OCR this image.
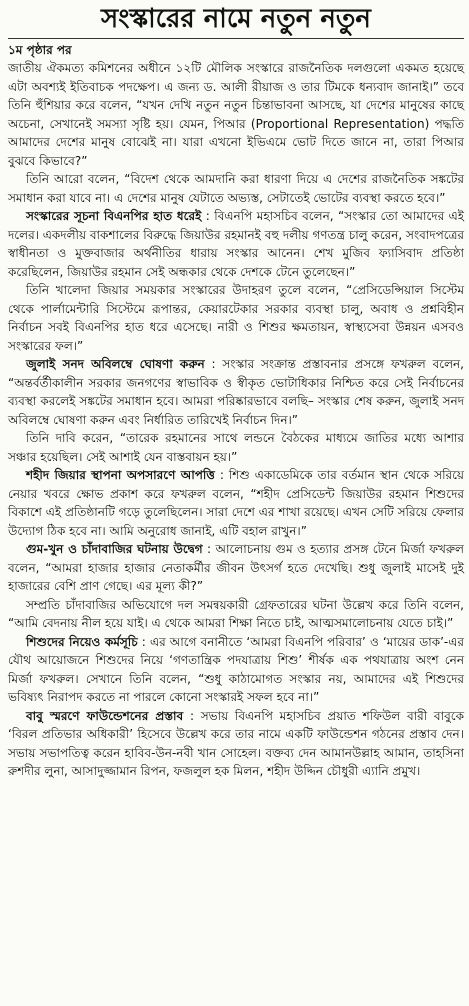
সংস্কারের নামে নতুন নতুন

১ম পৃষ্ঠার পর

জাতীয় ঐকমত্য কমিশনের অধীনে ১২টি মৌলিক সংস্কারে রাজনৈতিক দলগুলো একমত হয়েছে এটা অবশ্যই ইতিবাচক পদক্ষেপ। এ জন্য ড. আলী রীয়াজ ও তার টিমকে ধন্যবাদ জানাই।” তবে তিনি হুঁশিয়ার করে বলেন, “যখন দেখি নতুন নতুন চিন্তাভাবনা আসছে, যা দেশের মানুষের কাছে অচেনা, সেখানেই সমস্যা সৃষ্টি হয়। যেমন, পিআর (Proportional Representation) পদ্ধতি আমাদের দেশের মানুষ বোঝেই না। যারা এখনো ইভিএমে ভোট দিতে জানে না, তারা পিআর বুঝবে কিভাবে?”

তিনি আরো বলেন, “বিদেশ থেকে আমদানি করা ধারণা দিয়ে এ দেশের রাজনৈতিক সঙ্কটের সমাধান করা যাবে না। এ দেশের মানুষ যেটাতে অভ্যস্ত, সেটাতেই ভোটের ব্যবস্থা করতে হবে।”

সংস্কারের সূচনা বিএনপির হাত ধরেই : বিএনপি মহাসচিব বলেন, “সংস্কার তো আমাদের এই দলের। একদলীয় বাকশালের বিরুদ্ধে জিয়াউর রহমানই বহু দলীয় গণতন্ত্র চালু করেন, সংবাদপত্রের স্বাধীনতা ও মুক্তবাজার অর্থনীতির ধারায় সংস্কার আনেন। শেখ মুজিব ফ্যাসিবাদ প্রতিষ্ঠা করেছিলেন, জিয়াউর রহমান সেই অন্ধকার থেকে দেশকে টেনে তুলেছেন।”

তিনি খালেদা জিয়ার সময়কার সংস্কারের উদাহরণ তুলে বলেন, “প্রেসিডেন্সিয়াল সিস্টেম থেকে পার্লামেন্টারি সিস্টেমে রূপান্তর, কেয়ারটেকার সরকার ব্যবস্থা চালু, অবাধ ও প্রশ্নবিহীন নির্বাচন সবই বিএনপির হাত ধরে এসেছে। নারী ও শিশুর ক্ষমতায়ন, স্বাস্থ্যসেবা উন্নয়ন এসবও সংস্কারের ফল।”

জুলাই সনদ অবিলম্বে ঘোষণা করুন : সংস্কার সংক্রান্ত প্রস্তাবনার প্রসঙ্গে ফখরুল বলেন, “অন্তর্বর্তীকালীন সরকার জনগণের স্বাভাবিক ও স্বীকৃত ভোটাধিকার নিশ্চিত করে সেই নির্বাচনের ব্যবস্থা করলেই সঙ্কটের সমাধান হবে। আমরা পরিষ্কারভাবে বলছি– সংস্কার শেষ করুন, জুলাই সনদ অবিলম্বে ঘোষণা করুন এবং নির্ধারিত তারিখেই নির্বাচন দিন।”

তিনি দাবি করেন, “তারেক রহমানের সাথে লন্ডনে বৈঠকের মাধ্যমে জাতির মধ্যে আশার সঞ্চার হয়েছিল। সেই আশাই যেন বাস্তবায়ন হয়।”

শহীদ জিয়ার স্থাপনা অপসারণে আপত্তি : শিশু একাডেমিকে তার বর্তমান স্থান থেকে সরিয়ে নেয়ার খবরে ক্ষোভ প্রকাশ করে ফখরুল বলেন, “শহীদ প্রেসিডেন্ট জিয়াউর রহমান শিশুদের বিকাশে এই প্রতিষ্ঠানটি গড়ে তুলেছিলেন। সারা দেশে এর শাখা রয়েছে। এখন সেটি সরিয়ে ফেলার উদ্যোগ ঠিক হবে না। আমি অনুরোধ জানাই, এটি বহাল রাখুন।”

গুম-খুন ও চাঁদাবাজির ঘটনায় উদ্বেগ : আলোচনায় গুম ও হত্যার প্রসঙ্গ টেনে মির্জা ফখরুল বলেন, “আমরা হাজার হাজার নেতাকর্মীর জীবন উৎসর্গ হতে দেখেছি। শুধু জুলাই মাসেই দুই হাজারের বেশি প্রাণ গেছে। এর মূল্য কী?”

সম্প্রতি চাঁদাবাজির অভিযোগে দল সমন্বয়কারী গ্রেফতারের ঘটনা উল্লেখ করে তিনি বলেন, “আমি বেদনায় নীল হয়ে যাই। এ থেকে আমরা শিক্ষা নিতে চাই, আত্মসমালোচনায় যেতে চাই।”

শিশুদের নিয়েও কর্মসূচি : এর আগে বনানীতে ‘আমরা বিএনপি পরিবার’ ও ‘মায়ের ডাক’-এর যৌথ আয়োজনে শিশুদের নিয়ে ‘গণতান্ত্রিক পদযাত্রায় শিশু’ শীর্ষক এক পথযাত্রায় অংশ নেন মির্জা ফখরুল। সেখানে তিনি বলেন, “শুধু কাঠামোগত সংস্কার নয়, আমাদের এই শিশুদের ভবিষ্যৎ নিরাপদ করতে না পারলে কোনো সংস্কারই সফল হবে না।”

বাবু স্মরণে ফাউন্ডেশনের প্রস্তাব : সভায় বিএনপি মহাসচিব প্রয়াত শফিউল বারী বাবুকে ‘বিরল প্রতিভার অধিকারী’ হিসেবে উল্লেখ করে তার নামে একটি ফাউন্ডেশন গঠনের প্রস্তাব দেন। সভায় সভাপতিত্ব করেন হাবিব-উন-নবী খান সোহেল। বক্তব্য দেন আমানউল্লাহ আমান, তাহসিনা রুশদীর লুনা, আসাদুজ্জামান রিপন, ফজলুল হক মিলন, শহীদ উদ্দিন চৌধুরী এ্যানি প্রমুখ।
